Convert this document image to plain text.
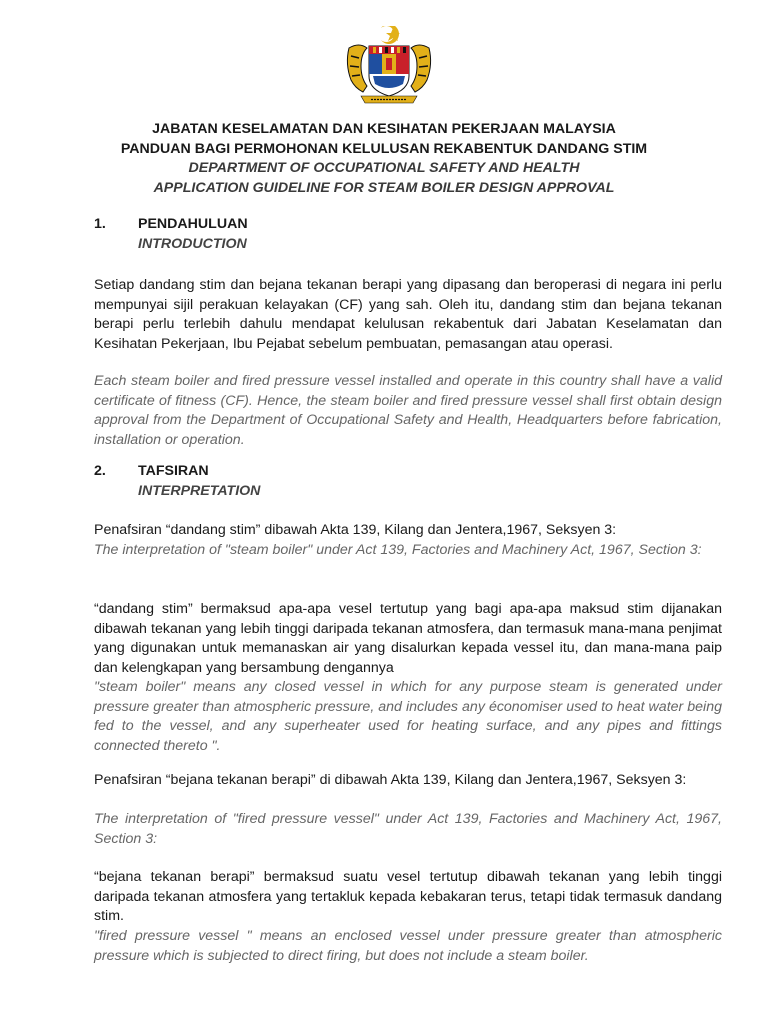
JABATAN KESELAMATAN DAN KESIHATAN PEKERJAAN MALAYSIA
PANDUAN BAGI PERMOHONAN KELULUSAN REKABENTUK DANDANG STIM
DEPARTMENT OF OCCUPATIONAL SAFETY AND HEALTH
APPLICATION GUIDELINE FOR STEAM BOILER DESIGN APPROVAL
1. PENDAHULUAN
INTRODUCTION
Setiap dandang stim dan bejana tekanan berapi yang dipasang dan beroperasi di negara ini perlu mempunyai sijil perakuan kelayakan (CF) yang sah. Oleh itu, dandang stim dan bejana tekanan berapi perlu terlebih dahulu mendapat kelulusan rekabentuk dari Jabatan Keselamatan dan Kesihatan Pekerjaan, Ibu Pejabat sebelum pembuatan, pemasangan atau operasi.
Each steam boiler and fired pressure vessel installed and operate in this country shall have a valid certificate of fitness (CF). Hence, the steam boiler and fired pressure vessel shall first obtain design approval from the Department of Occupational Safety and Health, Headquarters before fabrication, installation or operation.
2. TAFSIRAN
INTERPRETATION
Penafsiran “dandang stim” dibawah Akta 139, Kilang dan Jentera,1967, Seksyen 3:
The interpretation of "steam boiler" under Act 139, Factories and Machinery Act, 1967, Section 3:
“dandang stim” bermaksud apa-apa vesel tertutup yang bagi apa-apa maksud stim dijanakan dibawah tekanan yang lebih tinggi daripada tekanan atmosfera, dan termasuk mana-mana penjimat yang digunakan untuk memanaskan air yang disalurkan kepada vessel itu, dan mana-mana paip dan kelengkapan yang bersambung dengannya
"steam boiler" means any closed vessel in which for any purpose steam is generated under pressure greater than atmospheric pressure, and includes any économiser used to heat water being fed to the vessel, and any superheater used for heating surface, and any pipes and fittings connected thereto ".
Penafsiran “bejana tekanan berapi” di dibawah Akta 139, Kilang dan Jentera,1967, Seksyen 3:
The interpretation of "fired pressure vessel" under Act 139, Factories and Machinery Act, 1967, Section 3:
“bejana tekanan berapi” bermaksud suatu vesel tertutup dibawah tekanan yang lebih tinggi daripada tekanan atmosfera yang tertakluk kepada kebakaran terus, tetapi tidak termasuk dandang stim.
"fired pressure vessel " means an enclosed vessel under pressure greater than atmospheric pressure which is subjected to direct firing, but does not include a steam boiler.
